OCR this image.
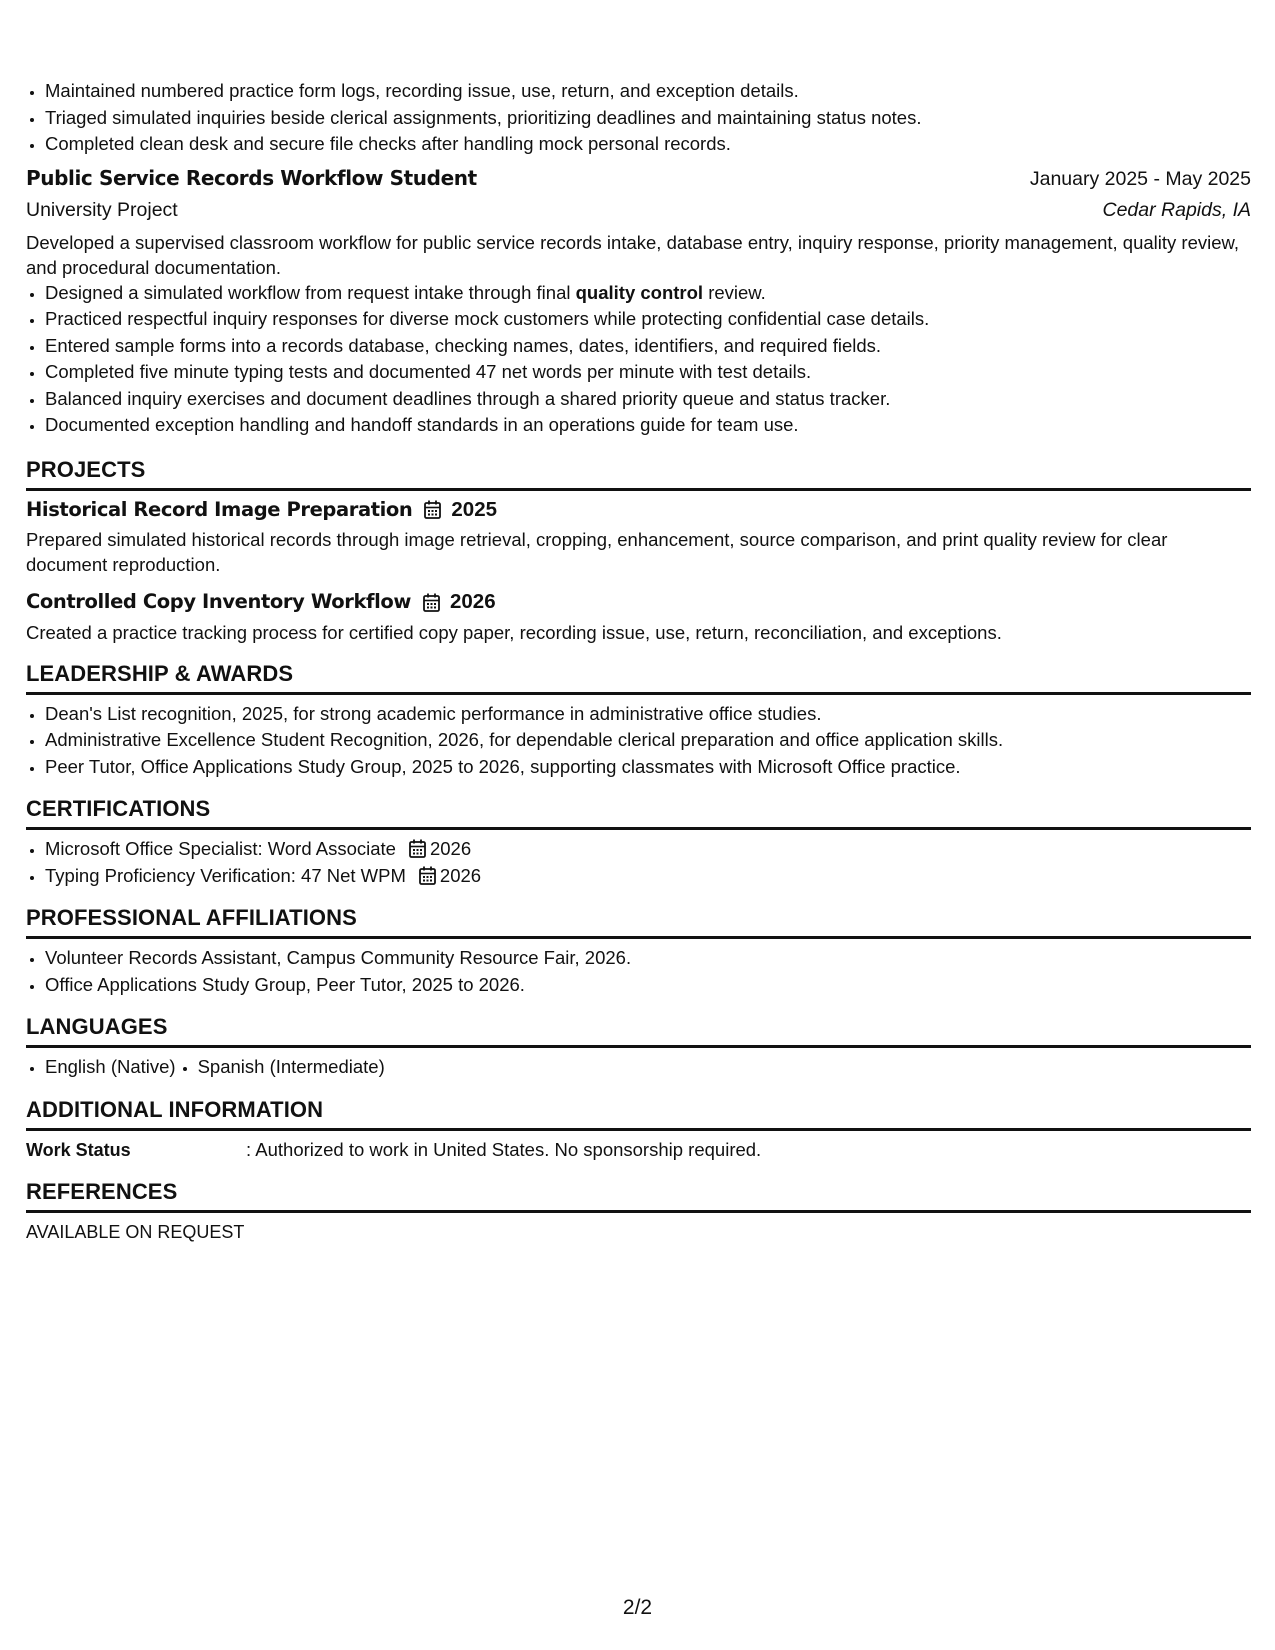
• Maintained numbered practice form logs, recording issue, use, return, and exception details.
• Triaged simulated inquiries beside clerical assignments, prioritizing deadlines and maintaining status notes.
• Completed clean desk and secure file checks after handling mock personal records.
Public Service Records Workflow Student	January 2025 - May 2025
University Project	Cedar Rapids, IA
Developed a supervised classroom workflow for public service records intake, database entry, inquiry response, priority management, quality review, and procedural documentation.
• Designed a simulated workflow from request intake through final quality control review.
• Practiced respectful inquiry responses for diverse mock customers while protecting confidential case details.
• Entered sample forms into a records database, checking names, dates, identifiers, and required fields.
• Completed five minute typing tests and documented 47 net words per minute with test details.
• Balanced inquiry exercises and document deadlines through a shared priority queue and status tracker.
• Documented exception handling and handoff standards in an operations guide for team use.
PROJECTS
Historical Record Image Preparation 2025
Prepared simulated historical records through image retrieval, cropping, enhancement, source comparison, and print quality review for clear document reproduction.
Controlled Copy Inventory Workflow 2026
Created a practice tracking process for certified copy paper, recording issue, use, return, reconciliation, and exceptions.
LEADERSHIP & AWARDS
• Dean's List recognition, 2025, for strong academic performance in administrative office studies.
• Administrative Excellence Student Recognition, 2026, for dependable clerical preparation and office application skills.
• Peer Tutor, Office Applications Study Group, 2025 to 2026, supporting classmates with Microsoft Office practice.
CERTIFICATIONS
• Microsoft Office Specialist: Word Associate 2026
• Typing Proficiency Verification: 47 Net WPM 2026
PROFESSIONAL AFFILIATIONS
• Volunteer Records Assistant, Campus Community Resource Fair, 2026.
• Office Applications Study Group, Peer Tutor, 2025 to 2026.
LANGUAGES
• English (Native)
• Spanish (Intermediate)
ADDITIONAL INFORMATION
Work Status	: Authorized to work in United States. No sponsorship required.
REFERENCES
AVAILABLE ON REQUEST
2/2
